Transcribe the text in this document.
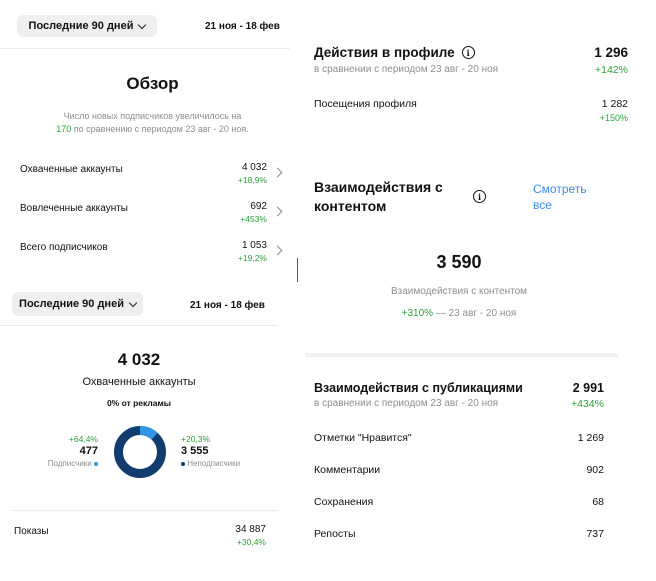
Последние 90 дней	21 ноя - 18 фев
Обзор
Число новых подписчиков увеличилось на
170 по сравнению с периодом 23 авг - 20 ноя.
Охваченные аккаунты	4 032
+18,9%
Вовлеченные аккаунты	692
+453%
Всего подписчиков	1 053
+19,2%
Последние 90 дней	21 ноя - 18 фев
4 032
Охваченные аккаунты
0% от рекламы
+64,4%
477
Подписчики
+20,3%
3 555
Неподписчики
Показы	34 887
+30,4%
Действия в профиле	i
в сравнении с периодом 23 авг - 20 ноя
1 296
+142%
Посещения профиля	1 282
+150%
Взаимодействия с
контентом
i
Смотреть
все
3 590
Взаимодействия с контентом
+310% — 23 авг - 20 ноя
Взаимодействия с публикациями
в сравнении с периодом 23 авг - 20 ноя
2 991
+434%
Отметки "Нравится"	1 269
Комментарии	902
Сохранения	68
Репосты	737
